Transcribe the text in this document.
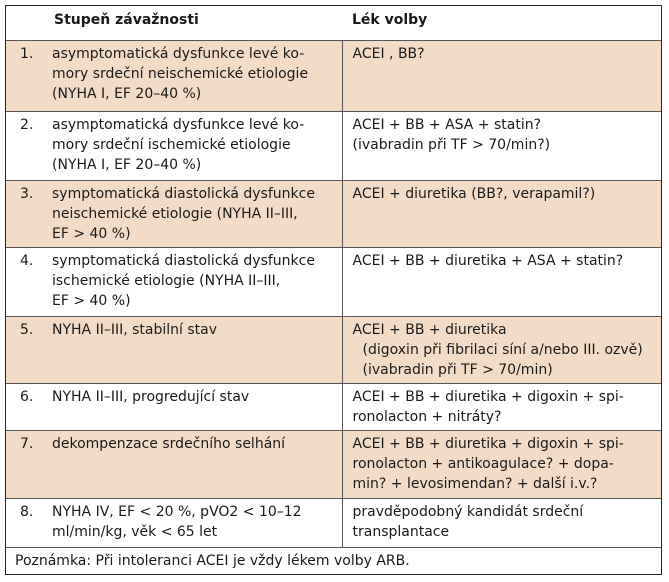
Stupeň závažnosti		Lék volby
1.	asymptomatická dysfunkce levé ko-
mory srdeční neischemické etiologie
(NYHA I, EF 20–40 %)	ACEI , BB?

2.	asymptomatická dysfunkce levé ko-
mory srdeční ischemické etiologie
(NYHA I, EF 20–40 %)	ACEI + BB + ASA + statin?
(ivabradin při TF > 70/min?)

3.	symptomatická diastolická dysfunkce
neischemické etiologie (NYHA II–III,
EF > 40 %)	ACEI + diuretika (BB?, verapamil?)

4.	symptomatická diastolická dysfunkce
ischemické etiologie (NYHA II–III,
EF > 40 %)	ACEI + BB + diuretika + ASA + statin?

5.	NYHA II–III, stabilní stav	ACEI + BB + diuretika
(digoxin při fibrilaci síní a/nebo III. ozvě)
(ivabradin při TF > 70/min)

6.	NYHA II–III, progredující stav	ACEI + BB + diuretika + digoxin + spi-
ronolacton + nitráty?

7.	dekompenzace srdečního selhání	ACEI + BB + diuretika + digoxin + spi-
ronolacton + antikoagulace? + dopa-
min? + levosimendan? + další i.v.?

8.	NYHA IV, EF < 20 %, pVO2 < 10–12
ml/min/kg, věk < 65 let	pravděpodobný kandidát srdeční
transplantace
Poznámka: Při intoleranci ACEI je vždy lékem volby ARB.
